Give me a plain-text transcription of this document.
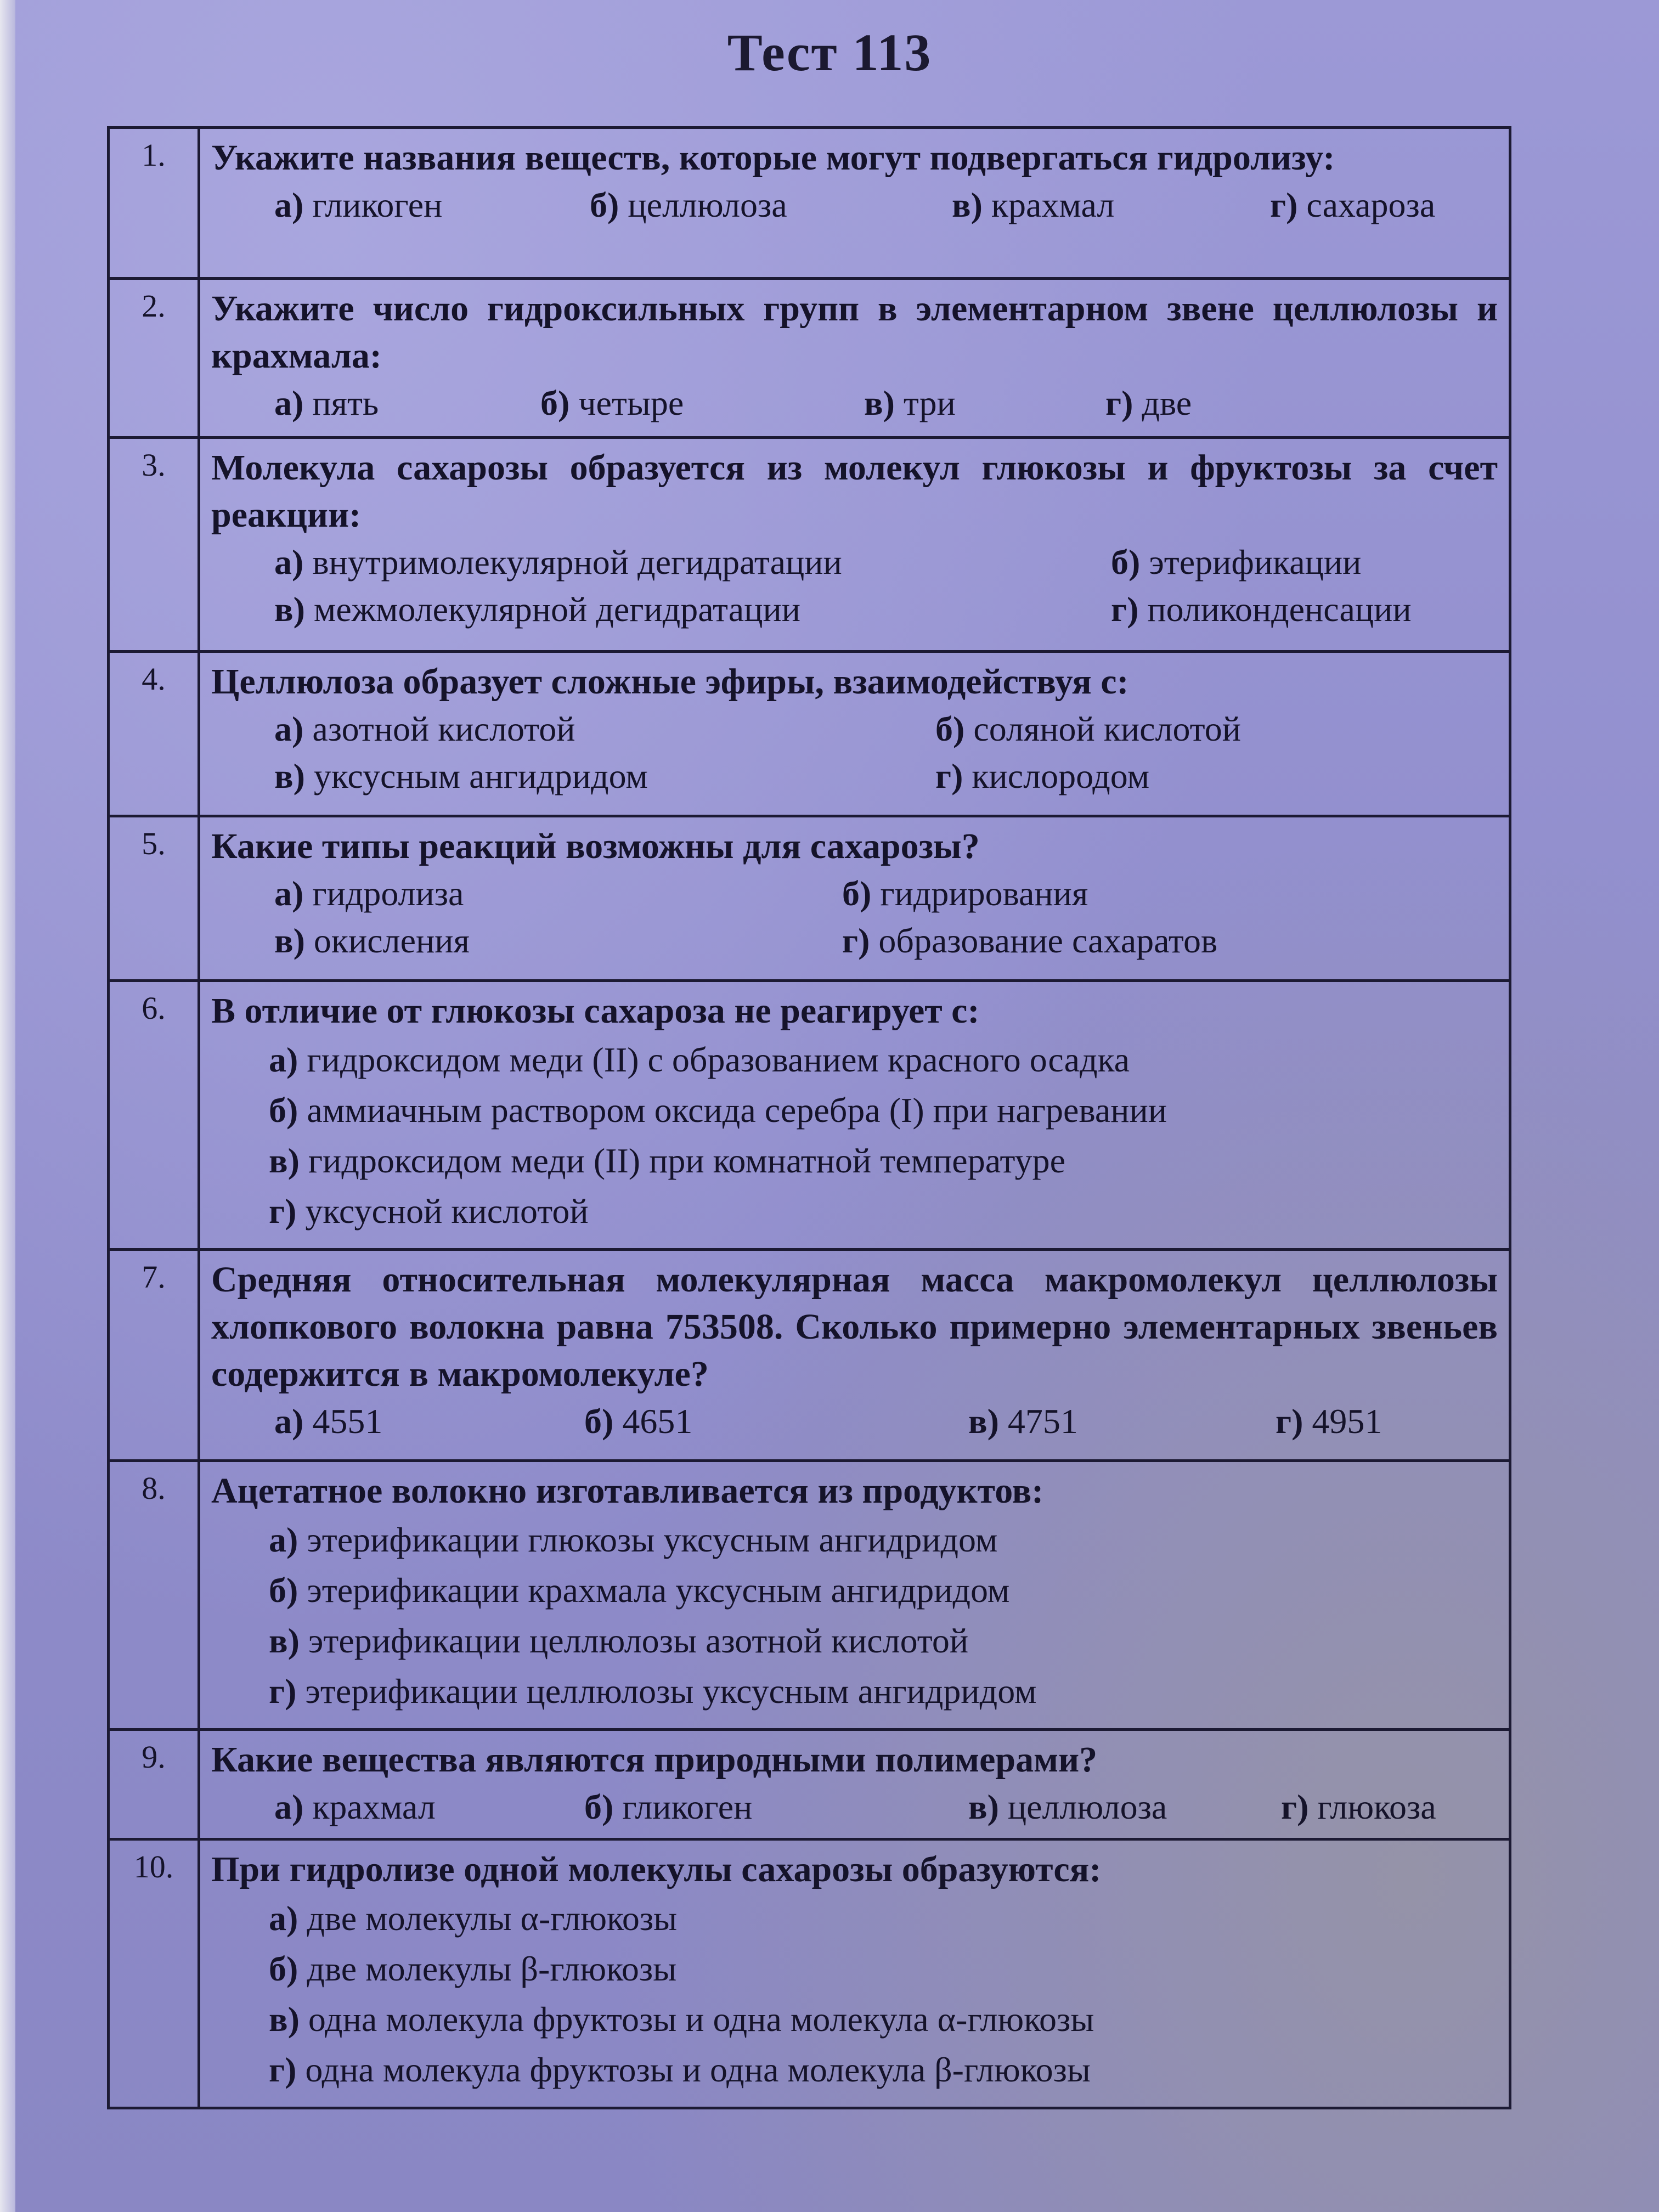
Тест 113
1.	Укажите названия веществ, которые могут подвергаться гидролизу:
а) гликоген	б) целлюлоза	в) крахмал	г) сахароза
2.	Укажите число гидроксильных групп в элементарном звене целлюлозы и крахмала:
а) пять	б) четыре	в) три	г) две
3.	Молекула сахарозы образуется из молекул глюкозы и фруктозы за счет реакции:
а) внутримолекулярной дегидратации	б) этерификации
в) межмолекулярной дегидратации	г) поликонденсации
4.	Целлюлоза образует сложные эфиры, взаимодействуя с:
а) азотной кислотой	б) соляной кислотой
в) уксусным ангидридом	г) кислородом
5.	Какие типы реакций возможны для сахарозы?
а) гидролиза	б) гидрирования
в) окисления	г) образование сахаратов
6.	В отличие от глюкозы сахароза не реагирует с:
а) гидроксидом меди (II) с образованием красного осадка
б) аммиачным раствором оксида серебра (I) при нагревании
в) гидроксидом меди (II) при комнатной температуре
г) уксусной кислотой
7.	Средняя относительная молекулярная масса макромолекул целлюлозы хлопкового волокна равна 753508. Сколько примерно элементарных звеньев содержится в макромолекуле?
а) 4551	б) 4651	в) 4751	г) 4951
8.	Ацетатное волокно изготавливается из продуктов:
а) этерификации глюкозы уксусным ангидридом
б) этерификации крахмала уксусным ангидридом
в) этерификации целлюлозы азотной кислотой
г) этерификации целлюлозы уксусным ангидридом
9.	Какие вещества являются природными полимерами?
а) крахмал	б) гликоген	в) целлюлоза	г) глюкоза
10.	При гидролизе одной молекулы сахарозы образуются:
а) две молекулы α-глюкозы
б) две молекулы β-глюкозы
в) одна молекула фруктозы и одна молекула α-глюкозы
г) одна молекула фруктозы и одна молекула β-глюкозы
